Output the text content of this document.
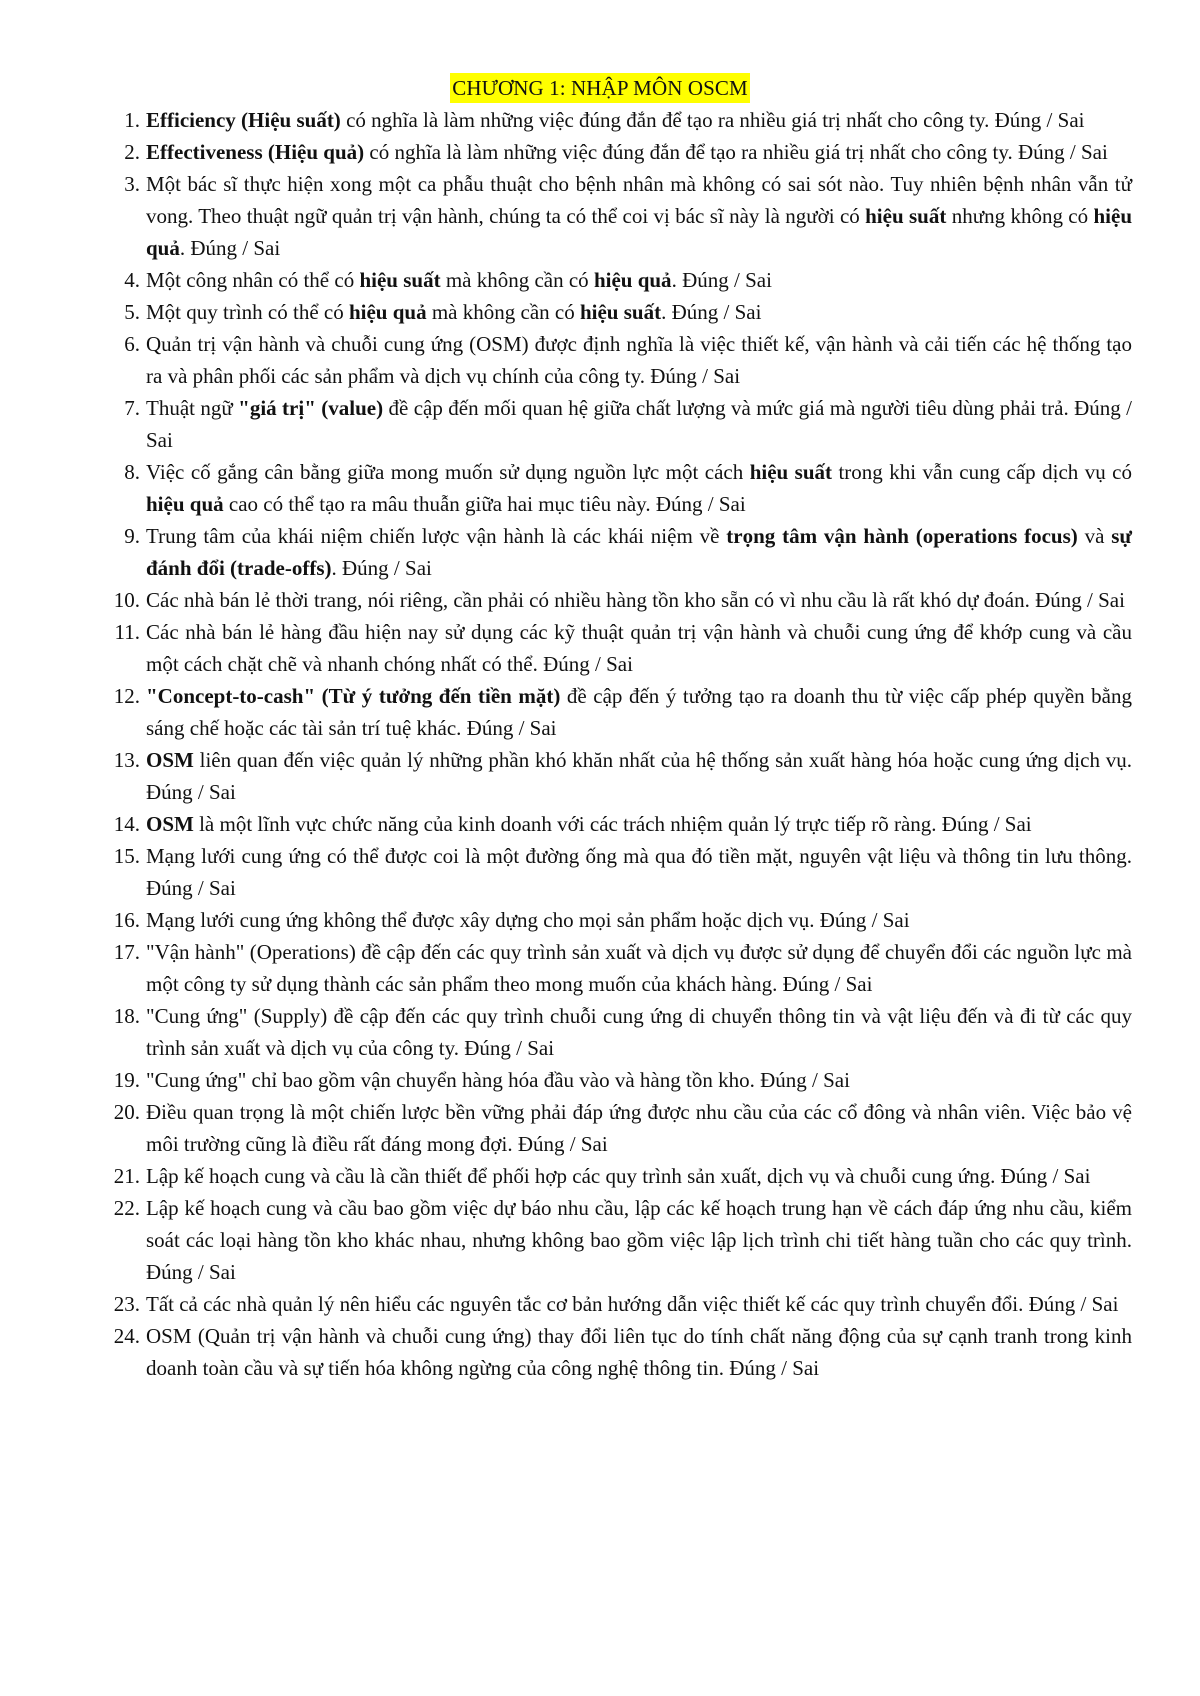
CHƯƠNG 1: NHẬP MÔN OSCM
1. Efficiency (Hiệu suất) có nghĩa là làm những việc đúng đắn để tạo ra nhiều giá trị nhất cho công ty. Đúng / Sai
2. Effectiveness (Hiệu quả) có nghĩa là làm những việc đúng đắn để tạo ra nhiều giá trị nhất cho công ty. Đúng / Sai
3. Một bác sĩ thực hiện xong một ca phẫu thuật cho bệnh nhân mà không có sai sót nào. Tuy nhiên bệnh nhân vẫn tử vong. Theo thuật ngữ quản trị vận hành, chúng ta có thể coi vị bác sĩ này là người có hiệu suất nhưng không có hiệu quả. Đúng / Sai
4. Một công nhân có thể có hiệu suất mà không cần có hiệu quả. Đúng / Sai
5. Một quy trình có thể có hiệu quả mà không cần có hiệu suất. Đúng / Sai
6. Quản trị vận hành và chuỗi cung ứng (OSM) được định nghĩa là việc thiết kế, vận hành và cải tiến các hệ thống tạo ra và phân phối các sản phẩm và dịch vụ chính của công ty. Đúng / Sai
7. Thuật ngữ "giá trị" (value) đề cập đến mối quan hệ giữa chất lượng và mức giá mà người tiêu dùng phải trả. Đúng / Sai
8. Việc cố gắng cân bằng giữa mong muốn sử dụng nguồn lực một cách hiệu suất trong khi vẫn cung cấp dịch vụ có hiệu quả cao có thể tạo ra mâu thuẫn giữa hai mục tiêu này. Đúng / Sai
9. Trung tâm của khái niệm chiến lược vận hành là các khái niệm về trọng tâm vận hành (operations focus) và sự đánh đổi (trade-offs). Đúng / Sai
10. Các nhà bán lẻ thời trang, nói riêng, cần phải có nhiều hàng tồn kho sẵn có vì nhu cầu là rất khó dự đoán. Đúng / Sai
11. Các nhà bán lẻ hàng đầu hiện nay sử dụng các kỹ thuật quản trị vận hành và chuỗi cung ứng để khớp cung và cầu một cách chặt chẽ và nhanh chóng nhất có thể. Đúng / Sai
12. "Concept-to-cash" (Từ ý tưởng đến tiền mặt) đề cập đến ý tưởng tạo ra doanh thu từ việc cấp phép quyền bằng sáng chế hoặc các tài sản trí tuệ khác. Đúng / Sai
13. OSM liên quan đến việc quản lý những phần khó khăn nhất của hệ thống sản xuất hàng hóa hoặc cung ứng dịch vụ. Đúng / Sai
14. OSM là một lĩnh vực chức năng của kinh doanh với các trách nhiệm quản lý trực tiếp rõ ràng. Đúng / Sai
15. Mạng lưới cung ứng có thể được coi là một đường ống mà qua đó tiền mặt, nguyên vật liệu và thông tin lưu thông. Đúng / Sai
16. Mạng lưới cung ứng không thể được xây dựng cho mọi sản phẩm hoặc dịch vụ. Đúng / Sai
17. "Vận hành" (Operations) đề cập đến các quy trình sản xuất và dịch vụ được sử dụng để chuyển đổi các nguồn lực mà một công ty sử dụng thành các sản phẩm theo mong muốn của khách hàng. Đúng / Sai
18. "Cung ứng" (Supply) đề cập đến các quy trình chuỗi cung ứng di chuyển thông tin và vật liệu đến và đi từ các quy trình sản xuất và dịch vụ của công ty. Đúng / Sai
19. "Cung ứng" chỉ bao gồm vận chuyển hàng hóa đầu vào và hàng tồn kho. Đúng / Sai
20. Điều quan trọng là một chiến lược bền vững phải đáp ứng được nhu cầu của các cổ đông và nhân viên. Việc bảo vệ môi trường cũng là điều rất đáng mong đợi. Đúng / Sai
21. Lập kế hoạch cung và cầu là cần thiết để phối hợp các quy trình sản xuất, dịch vụ và chuỗi cung ứng. Đúng / Sai
22. Lập kế hoạch cung và cầu bao gồm việc dự báo nhu cầu, lập các kế hoạch trung hạn về cách đáp ứng nhu cầu, kiểm soát các loại hàng tồn kho khác nhau, nhưng không bao gồm việc lập lịch trình chi tiết hàng tuần cho các quy trình. Đúng / Sai
23. Tất cả các nhà quản lý nên hiểu các nguyên tắc cơ bản hướng dẫn việc thiết kế các quy trình chuyển đổi. Đúng / Sai
24. OSM (Quản trị vận hành và chuỗi cung ứng) thay đổi liên tục do tính chất năng động của sự cạnh tranh trong kinh doanh toàn cầu và sự tiến hóa không ngừng của công nghệ thông tin. Đúng / Sai
